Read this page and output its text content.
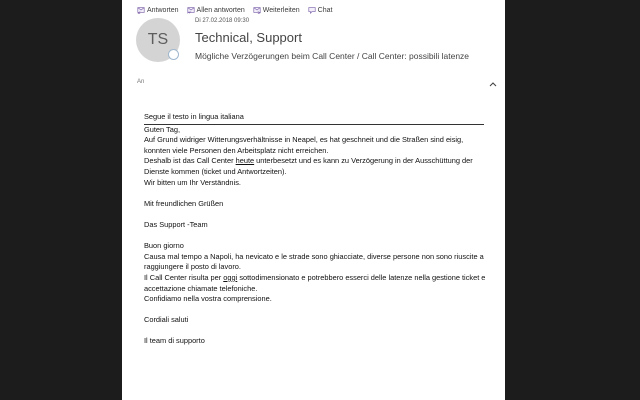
Antworten	Allen antworten	Weiterleiten	Chat
Di 27.02.2018 09:30
TS Technical, Support
Mögliche Verzögerungen beim Call Center / Call Center: possibili latenze
An

Segue il testo in lingua italiana

Guten Tag,

Auf Grund widriger Witterungsverhältnisse in Neapel, es hat geschneit und die Straßen sind eisig, konnten viele Personen den Arbeitsplatz nicht erreichen.

Deshalb ist das Call Center heute unterbesetzt und es kann zu Verzögerung in der Ausschüttung der Dienste kommen (ticket und Antwortzeiten).

Wir bitten um Ihr Verständnis.

Mit freundlichen Grüßen

Das Support -Team

Buon giorno

Causa mal tempo a Napoli, ha nevicato e le strade sono ghiacciate, diverse persone non sono riuscite a raggiungere il posto di lavoro.

Il Call Center risulta per oggi sottodimensionato e potrebbero esserci delle latenze nella gestione ticket e accettazione chiamate telefoniche.

Confidiamo nella vostra comprensione.

Cordiali saluti

Il team di supporto
